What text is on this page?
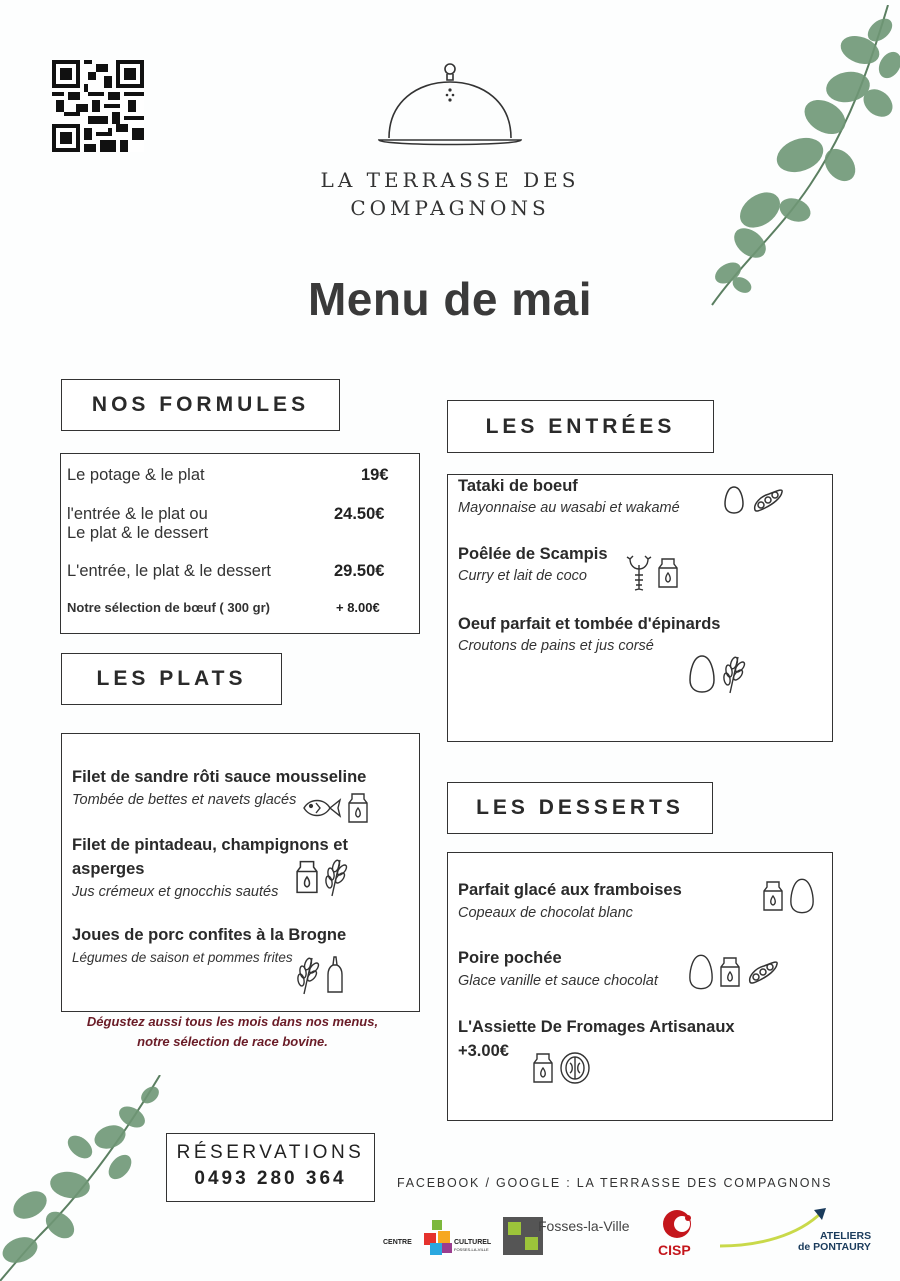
LA TERRASSE DES
COMPAGNONS
Menu de mai
NOS FORMULES
LES ENTRÉES
LES PLATS
LES DESSERTS
Le potage & le plat	19€
l'entrée & le plat ou
Le plat & le dessert
24.50€
L'entrée, le plat & le dessert	29.50€
Notre sélection de bœuf ( 300 gr)	+ 8.00€
Tataki de boeuf
Mayonnaise au wasabi et wakamé
Poêlée de Scampis
Curry et lait de coco
Oeuf parfait et tombée d'épinards
Croutons de pains et jus corsé
Filet de sandre rôti sauce mousseline
Tombée de bettes et navets glacés
Filet de pintadeau, champignons et
asperges
Jus crémeux et gnocchis sautés
Joues de porc confites à la Brogne
Légumes de saison et pommes frites
Dégustez aussi tous les mois dans nos menus,
notre sélection de race bovine.
Parfait glacé aux framboises
Copeaux de chocolat blanc
Poire pochée
Glace vanille et sauce chocolat
L'Assiette De Fromages Artisanaux
+3.00€
RÉSERVATIONS
0493 280 364	FACEBOOK / GOOGLE : LA TERRASSE DES COMPAGNONS
CENTRE	CULTUREL
FOSSES-LA-VILLE
Fosses-la-Ville
CISP
ATELIERS
de PONTAURY
